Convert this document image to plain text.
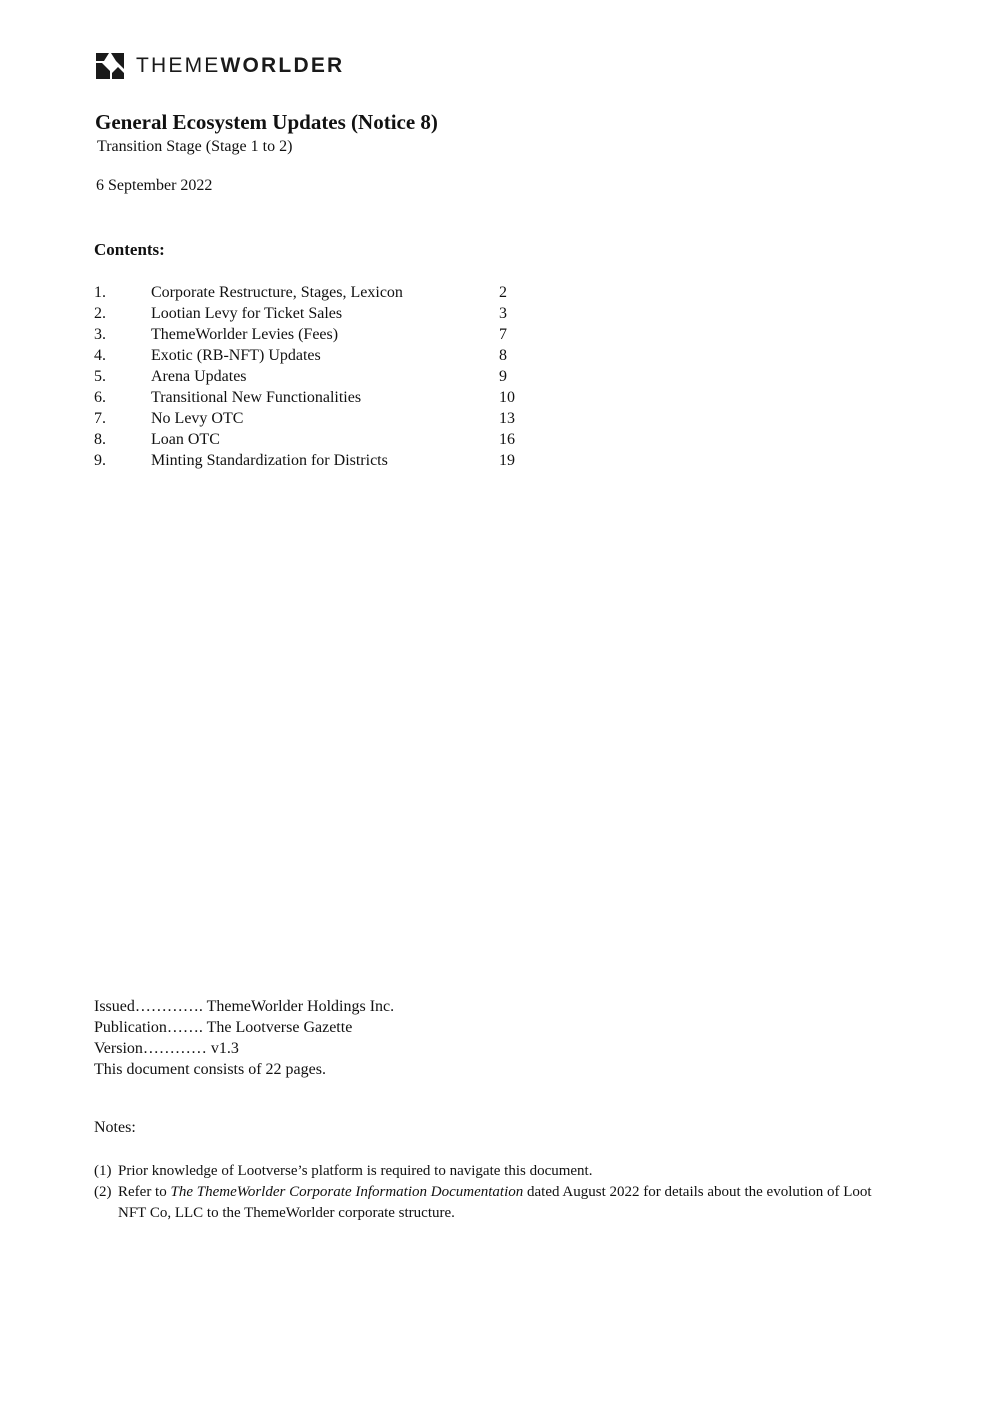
THEMEWORLDER
General Ecosystem Updates (Notice 8)
Transition Stage (Stage 1 to 2)
6 September 2022
Contents:
1.	Corporate Restructure, Stages, Lexicon	2
2.	Lootian Levy for Ticket Sales	3
3.	ThemeWorlder Levies (Fees)	7
4.	Exotic (RB-NFT) Updates	8
5.	Arena Updates	9
6.	Transitional New Functionalities	10
7.	No Levy OTC	13
8.	Loan OTC	16
9.	Minting Standardization for Districts	19
Issued…………. ThemeWorlder Holdings Inc.
Publication……. The Lootverse Gazette
Version………… v1.3
This document consists of 22 pages.
Notes:
(1) Prior knowledge of Lootverse’s platform is required to navigate this document.
(2) Refer to The ThemeWorlder Corporate Information Documentation dated August 2022 for details about the evolution of Loot NFT Co, LLC to the ThemeWorlder corporate structure.
